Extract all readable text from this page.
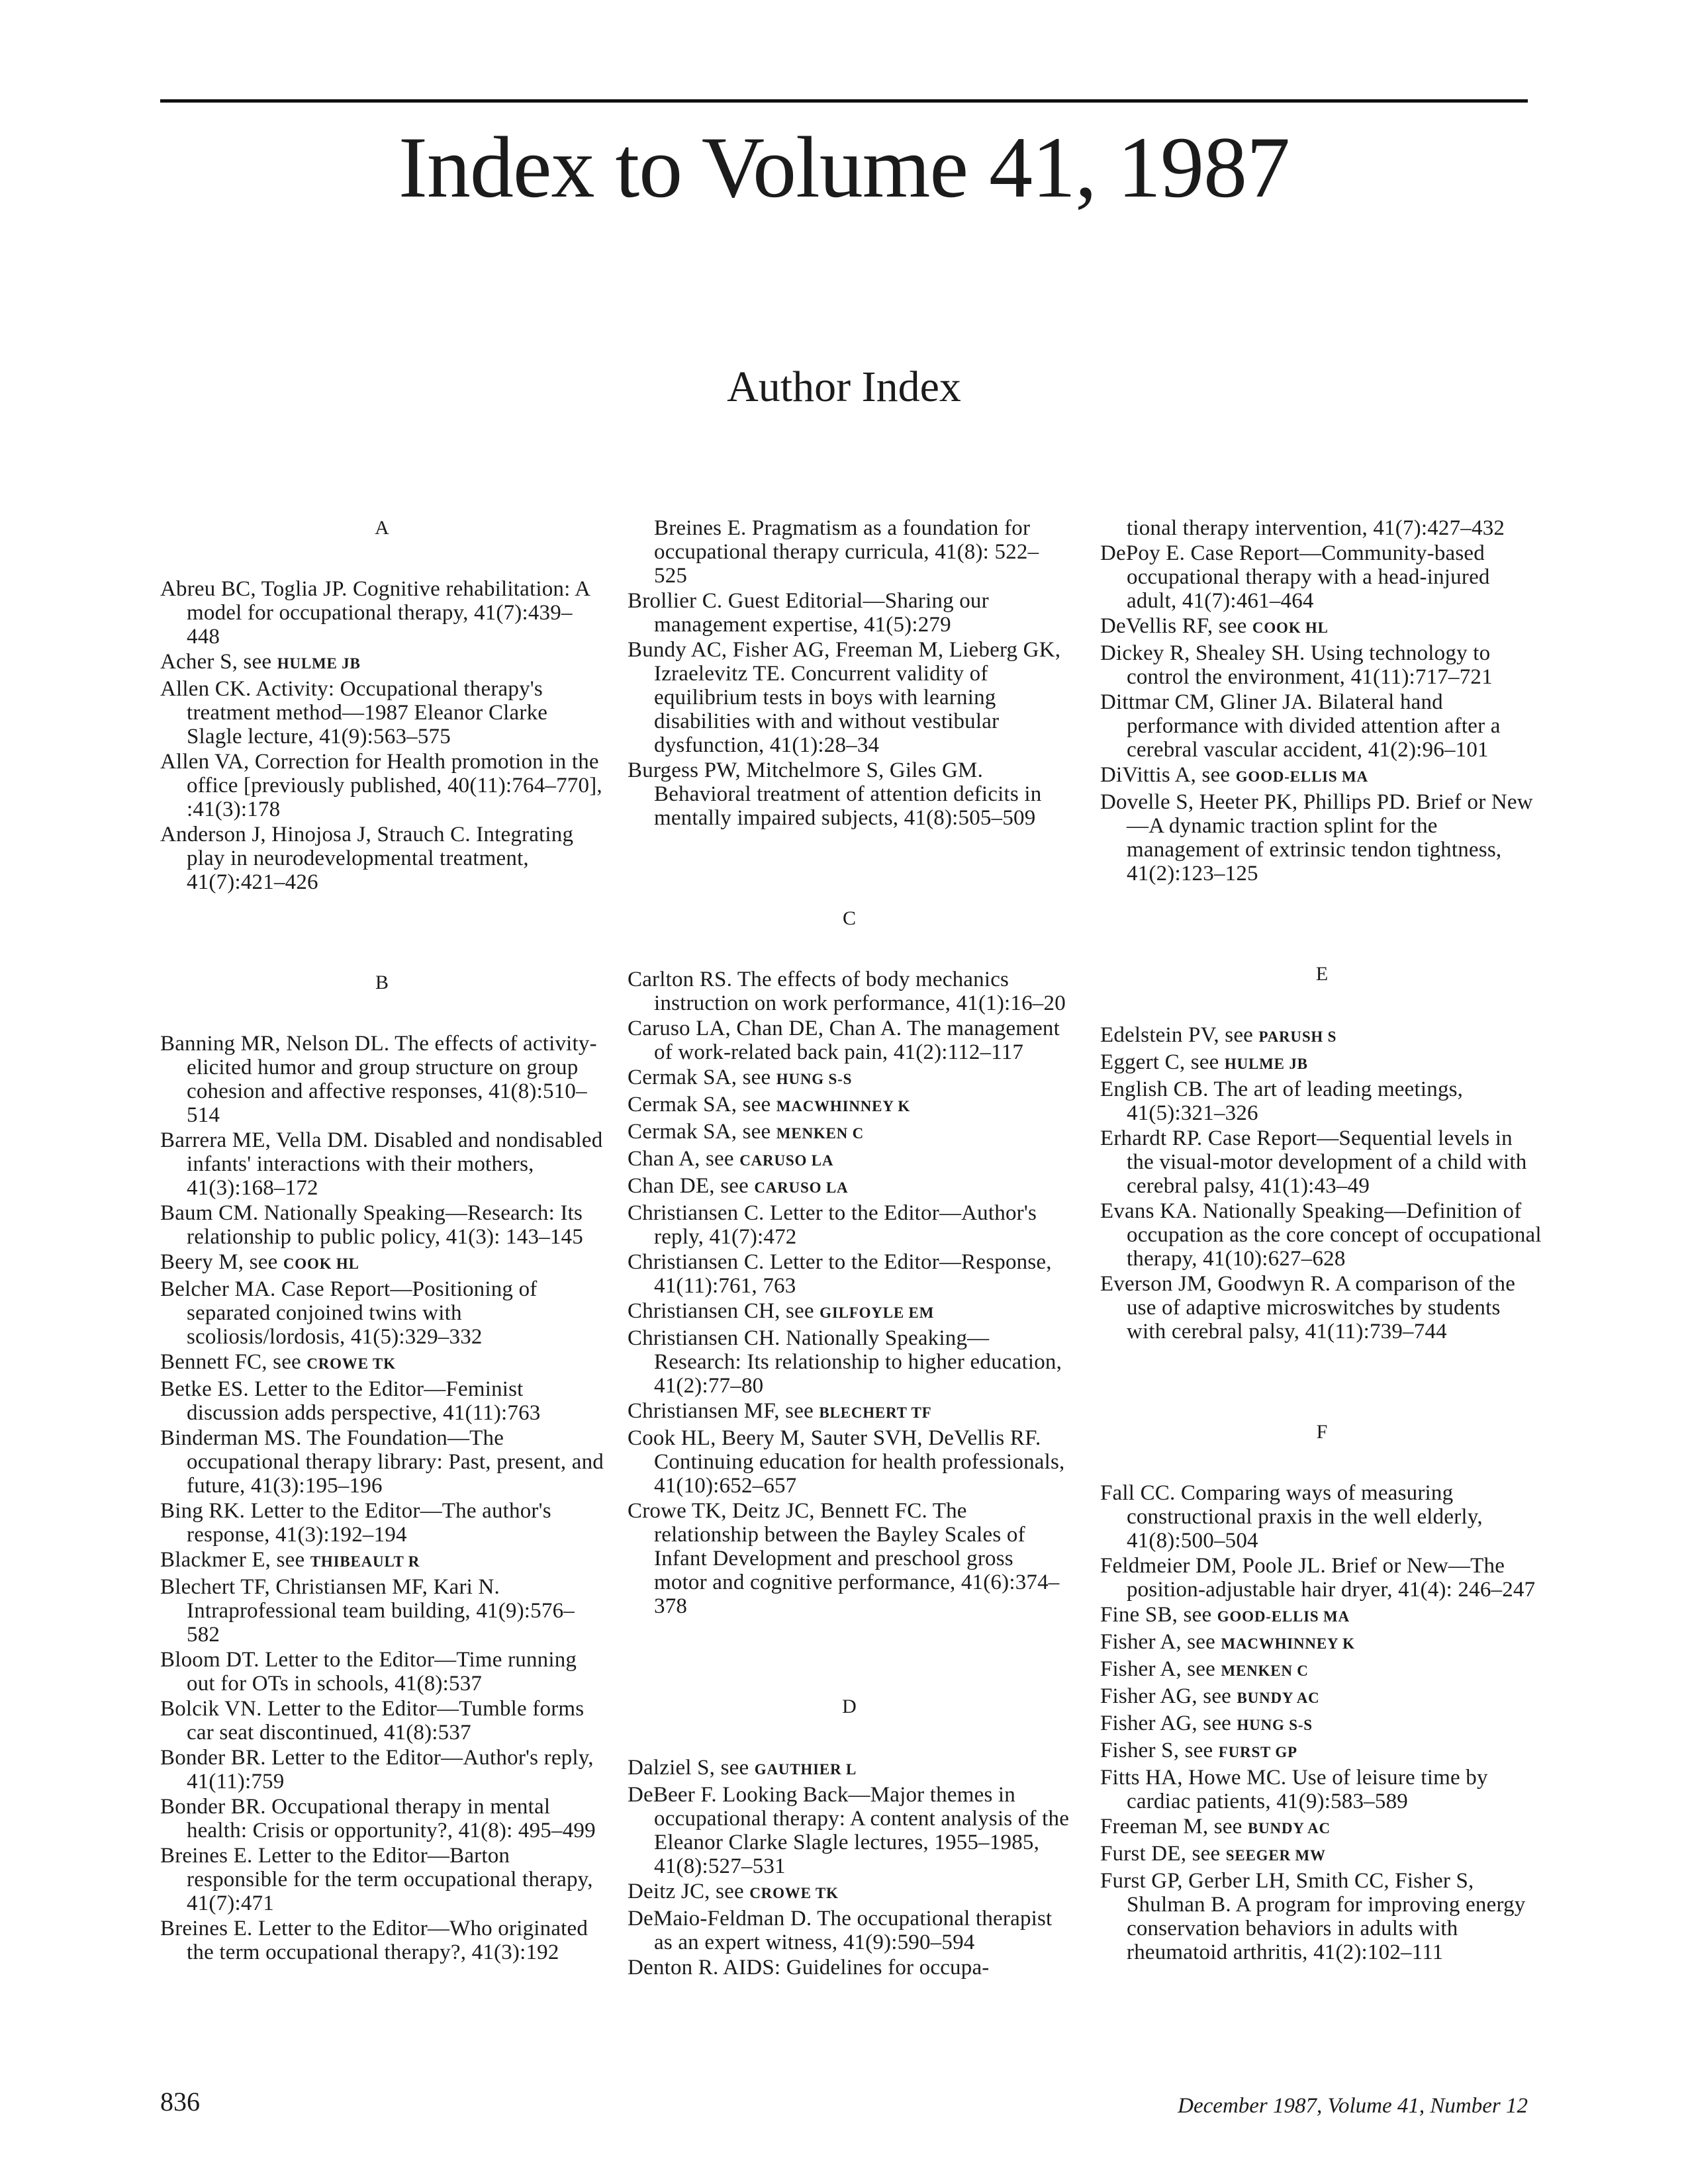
Index to Volume 41, 1987
Author Index
A

Abreu BC, Toglia JP. Cognitive rehabilitation: A model for occupational therapy, 41(7):439–448

Acher S, see HULME JB

Allen CK. Activity: Occupational therapy's treatment method—1987 Eleanor Clarke Slagle lecture, 41(9):563–575

Allen VA, Correction for Health promotion in the office [previously published, 40(11):764–770], :41(3):178

Anderson J, Hinojosa J, Strauch C. Integrating play in neurodevelopmental treatment, 41(7):421–426

B

Banning MR, Nelson DL. The effects of activity-elicited humor and group structure on group cohesion and affective responses, 41(8):510–514

Barrera ME, Vella DM. Disabled and nondisabled infants' interactions with their mothers, 41(3):168–172

Baum CM. Nationally Speaking—Research: Its relationship to public policy, 41(3): 143–145

Beery M, see COOK HL

Belcher MA. Case Report—Positioning of separated conjoined twins with scoliosis/lordosis, 41(5):329–332

Bennett FC, see CROWE TK

Betke ES. Letter to the Editor—Feminist discussion adds perspective, 41(11):763

Binderman MS. The Foundation—The occupational therapy library: Past, present, and future, 41(3):195–196

Bing RK. Letter to the Editor—The author's response, 41(3):192–194

Blackmer E, see THIBEAULT R

Blechert TF, Christiansen MF, Kari N. Intraprofessional team building, 41(9):576–582

Bloom DT. Letter to the Editor—Time running out for OTs in schools, 41(8):537

Bolcik VN. Letter to the Editor—Tumble forms car seat discontinued, 41(8):537

Bonder BR. Letter to the Editor—Author's reply, 41(11):759

Bonder BR. Occupational therapy in mental health: Crisis or opportunity?, 41(8): 495–499

Breines E. Letter to the Editor—Barton responsible for the term occupational therapy, 41(7):471

Breines E. Letter to the Editor—Who originated the term occupational therapy?, 41(3):192

Breines E. Pragmatism as a foundation for occupational therapy curricula, 41(8): 522–525

Brollier C. Guest Editorial—Sharing our management expertise, 41(5):279

Bundy AC, Fisher AG, Freeman M, Lieberg GK, Izraelevitz TE. Concurrent validity of equilibrium tests in boys with learning disabilities with and without vestibular dysfunction, 41(1):28–34

Burgess PW, Mitchelmore S, Giles GM. Behavioral treatment of attention deficits in mentally impaired subjects, 41(8):505–509

C

Carlton RS. The effects of body mechanics instruction on work performance, 41(1):16–20

Caruso LA, Chan DE, Chan A. The management of work-related back pain, 41(2):112–117

Cermak SA, see HUNG S-S

Cermak SA, see MACWHINNEY K

Cermak SA, see MENKEN C

Chan A, see CARUSO LA

Chan DE, see CARUSO LA

Christiansen C. Letter to the Editor—Author's reply, 41(7):472

Christiansen C. Letter to the Editor—Response, 41(11):761, 763

Christiansen CH, see GILFOYLE EM

Christiansen CH. Nationally Speaking—Research: Its relationship to higher education, 41(2):77–80

Christiansen MF, see BLECHERT TF

Cook HL, Beery M, Sauter SVH, DeVellis RF. Continuing education for health professionals, 41(10):652–657

Crowe TK, Deitz JC, Bennett FC. The relationship between the Bayley Scales of Infant Development and preschool gross motor and cognitive performance, 41(6):374–378

D

Dalziel S, see GAUTHIER L

DeBeer F. Looking Back—Major themes in occupational therapy: A content analysis of the Eleanor Clarke Slagle lectures, 1955–1985, 41(8):527–531

Deitz JC, see CROWE TK

DeMaio-Feldman D. The occupational therapist as an expert witness, 41(9):590–594

Denton R. AIDS: Guidelines for occupa-

tional therapy intervention, 41(7):427–432

DePoy E. Case Report—Community-based occupational therapy with a head-injured adult, 41(7):461–464

DeVellis RF, see COOK HL

Dickey R, Shealey SH. Using technology to control the environment, 41(11):717–721

Dittmar CM, Gliner JA. Bilateral hand performance with divided attention after a cerebral vascular accident, 41(2):96–101

DiVittis A, see GOOD-ELLIS MA

Dovelle S, Heeter PK, Phillips PD. Brief or New—A dynamic traction splint for the management of extrinsic tendon tightness, 41(2):123–125

E

Edelstein PV, see PARUSH S

Eggert C, see HULME JB

English CB. The art of leading meetings, 41(5):321–326

Erhardt RP. Case Report—Sequential levels in the visual-motor development of a child with cerebral palsy, 41(1):43–49

Evans KA. Nationally Speaking—Definition of occupation as the core concept of occupational therapy, 41(10):627–628

Everson JM, Goodwyn R. A comparison of the use of adaptive microswitches by students with cerebral palsy, 41(11):739–744

F

Fall CC. Comparing ways of measuring constructional praxis in the well elderly, 41(8):500–504

Feldmeier DM, Poole JL. Brief or New—The position-adjustable hair dryer, 41(4): 246–247

Fine SB, see GOOD-ELLIS MA

Fisher A, see MACWHINNEY K

Fisher A, see MENKEN C

Fisher AG, see BUNDY AC

Fisher AG, see HUNG S-S

Fisher S, see FURST GP

Fitts HA, Howe MC. Use of leisure time by cardiac patients, 41(9):583–589

Freeman M, see BUNDY AC

Furst DE, see SEEGER MW

Furst GP, Gerber LH, Smith CC, Fisher S, Shulman B. A program for improving energy conservation behaviors in adults with rheumatoid arthritis, 41(2):102–111

836	December 1987, Volume 41, Number 12
